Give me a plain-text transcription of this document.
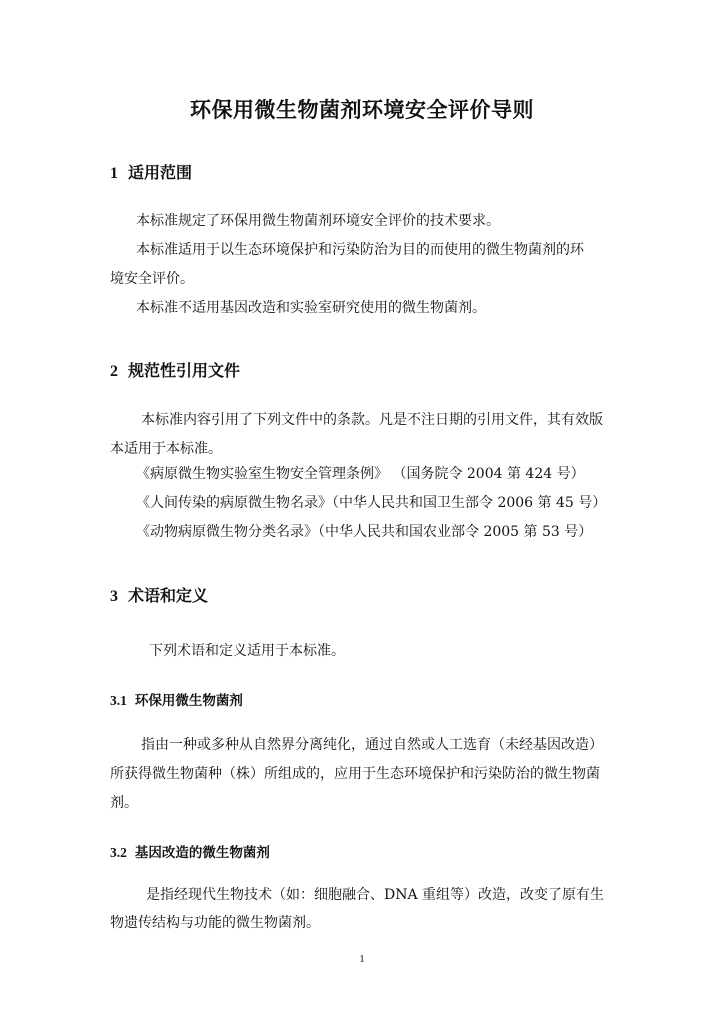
环保用微生物菌剂环境安全评价导则
1 适用范围
本标准规定了环保用微生物菌剂环境安全评价的技术要求。
本标准适用于以生态环境保护和污染防治为目的而使用的微生物菌剂的环
境安全评价。
本标准不适用基因改造和实验室研究使用的微生物菌剂。
2 规范性引用文件
本标准内容引用了下列文件中的条款。凡是不注日期的引用文件，其有效版
本适用于本标准。
《病原微生物实验室生物安全管理条例》 （国务院令 2004 第 424 号）
《人间传染的病原微生物名录》（中华人民共和国卫生部令 2006 第 45 号）
《动物病原微生物分类名录》（中华人民共和国农业部令 2005 第 53 号）
3 术语和定义
下列术语和定义适用于本标准。
3.1 环保用微生物菌剂
指由一种或多种从自然界分离纯化，通过自然或人工选育（未经基因改造）
所获得微生物菌种（株）所组成的，应用于生态环境保护和污染防治的微生物菌
剂。
3.2 基因改造的微生物菌剂
是指经现代生物技术（如：细胞融合、DNA 重组等）改造，改变了原有生
物遗传结构与功能的微生物菌剂。
1
